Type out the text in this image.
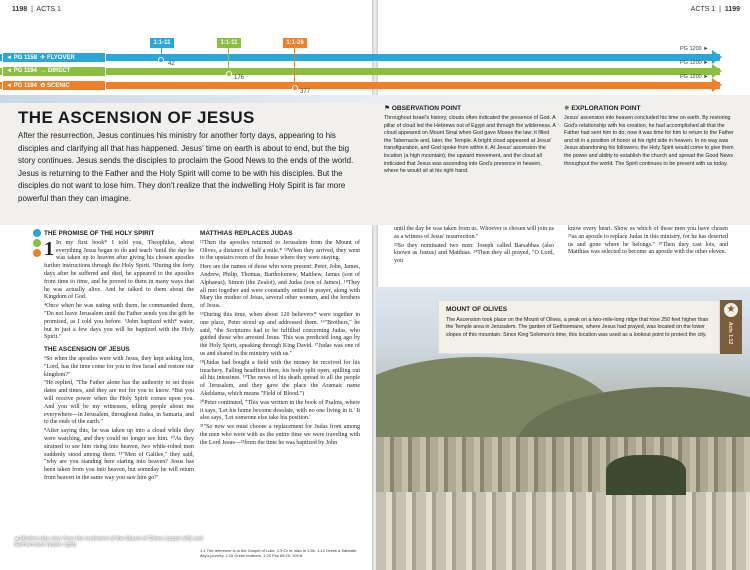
1198  |  ACTS 1	ACTS 1  |  1199
◄ PG 1158  ✈ FLYOVER
1:1-11
42
PG 1200 ►
◄ PG 1194  → DIRECT
1:1-11
176
PG 1200 ►
◄ PG 1194  ✿ SCENIC
1:1-26
377
PG 1200 ►
THE ASCENSION OF JESUS
After the resurrection, Jesus continues his ministry for another forty days, appearing to his disciples and clarifying all that has happened. Jesus' time on earth is about to end, but the big story continues. Jesus sends the disciples to proclaim the Good News to the ends of the world. Jesus is returning to the Father and the Holy Spirit will come to be with his disciples. But the disciples do not want to lose him. They don't realize that the indwelling Holy Spirit is far more powerful than they can imagine.
⚑ OBSERVATION POINT
Throughout Israel's history, clouds often indicated the presence of God. A pillar of cloud led the Hebrews out of Egypt and through the wilderness. A cloud appeared on Mount Sinai when God gave Moses the law; it filled the Tabernacle and, later, the Temple. A bright cloud appeared at Jesus' transfiguration, and God spoke from within it. At Jesus' ascension the location (a high mountain), the upward movement, and the cloud all indicated that Jesus was ascending into God's presence in heaven, where he would sit at his right hand.
✵ EXPLORATION POINT
Jesus' ascension into heaven concluded his time on earth. By restoring God's relationship with his creation, he had accomplished all that the Father had sent him to do; now it was time for him to return to the Father and sit in a position of honor at his right side in heaven. In no way was Jesus abandoning his followers; the Holy Spirit would come to give them the power and ability to establish the church and spread the Good News throughout the world. The Spirit continues to be present with us today.
THE PROMISE OF THE HOLY SPIRIT

1 In my first book* I told you, Theophilus, about everything Jesus began to do and teach ²until the day he was taken up to heaven after giving his chosen apostles further instructions through the Holy Spirit. ³During the forty days after he suffered and died, he appeared to the apostles from time to time, and he proved to them in many ways that he was actually alive. And he talked to them about the Kingdom of God.

⁴Once when he was eating with them, he commanded them, "Do not leave Jerusalem until the Father sends you the gift he promised, as I told you before. ⁵John baptized with* water, but in just a few days you will be baptized with the Holy Spirit."

THE ASCENSION OF JESUS

⁶So when the apostles were with Jesus, they kept asking him, "Lord, has the time come for you to free Israel and restore our kingdom?"

⁷He replied, "The Father alone has the authority to set those dates and times, and they are not for you to know. ⁸But you will receive power when the Holy Spirit comes upon you. And you will be my witnesses, telling people about me everywhere—in Jerusalem, throughout Judea, in Samaria, and to the ends of the earth."

⁹After saying this, he was taken up into a cloud while they were watching, and they could no longer see him. ¹⁰As they strained to see him rising into heaven, two white-robed men suddenly stood among them. ¹¹"Men of Galilee," they said, "why are you standing here staring into heaven? Jesus has been taken from you into heaven, but someday he will return from heaven in the same way you saw him go!"

MATTHIAS REPLACES JUDAS

¹²Then the apostles returned to Jerusalem from the Mount of Olives, a distance of half a mile.* ¹³When they arrived, they went to the upstairs room of the house where they were staying.

Here are the names of those who were present: Peter, John, James, Andrew, Philip, Thomas, Bartholomew, Matthew, James (son of Alphaeus), Simon (the Zealot), and Judas (son of James). ¹⁴They all met together and were constantly united in prayer, along with Mary the mother of Jesus, several other women, and the brothers of Jesus.

¹⁵During this time, when about 120 believers* were together in one place, Peter stood up and addressed them. ¹⁶"Brothers," he said, "the Scriptures had to be fulfilled concerning Judas, who guided those who arrested Jesus. This was predicted long ago by the Holy Spirit, speaking through King David. ¹⁷Judas was one of us and shared in the ministry with us."

¹⁸(Judas had bought a field with the money he received for his treachery. Falling headfirst there, his body split open, spilling out all his intestines. ¹⁹The news of his death spread to all the people of Jerusalem, and they gave the place the Aramaic name Akeldama, which means "Field of Blood.")

²⁰Peter continued, "This was written in the book of Psalms, where it says, 'Let his home become desolate, with no one living in it.' It also says, 'Let someone else take his position.'

²¹"So now we must choose a replacement for Judas from among the men who were with us the entire time we were traveling with the Lord Jesus—²²from the time he was baptized by John

1:1 The reference is to the Gospel of Luke. 1:5 Or in; also in 1:5b. 1:12 Greek a Sabbath day's journey. 1:15 Greek brothers. 1:20 Pss 69:25; 109:8.

until the day he was taken from us. Whoever is chosen will join us as a witness of Jesus' resurrection."

²³So they nominated two men: Joseph called Barsabbas (also known as Justus) and Matthias. ²⁴Then they all prayed, "O Lord, you

know every heart. Show us which of these men you have chosen ²⁵as an apostle to replace Judas in this ministry, for he has deserted us and gone where he belongs." ²⁶Then they cast lots, and Matthias was selected to become an apostle with the other eleven.

◄ Modern-day view from the northwest of the Mount of Olives (upper left) and Gethsemane (lower right)
MOUNT OF OLIVES
The Ascension took place on the Mount of Olives, a peak on a two-mile-long ridge that rose 250 feet higher than the Temple area in Jerusalem. The garden of Gethsemane, where Jesus had prayed, was located on the lower slopes of this mountain. Since King Solomon's time, this location was used as a lookout point to protect the city.
★
Acts 1:12
